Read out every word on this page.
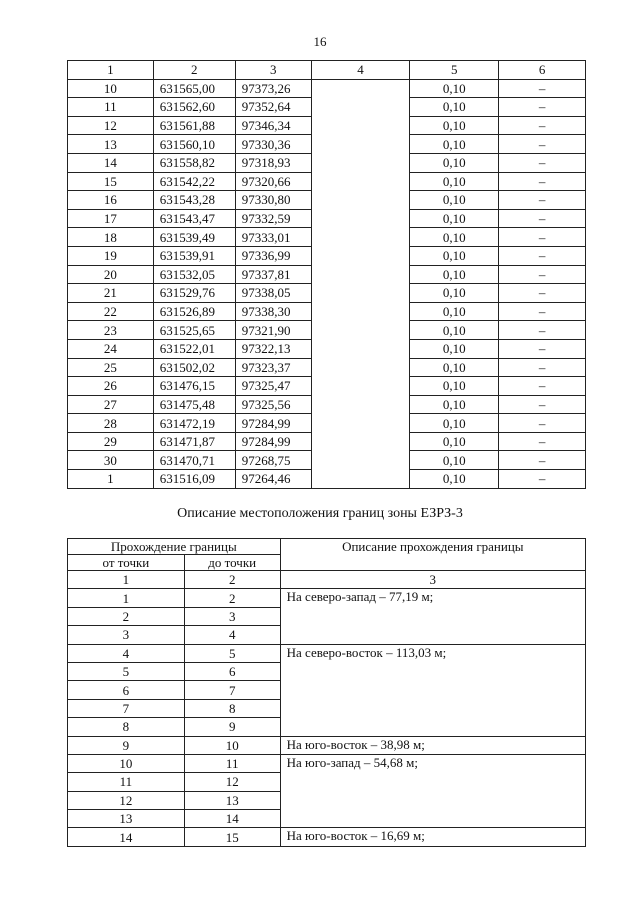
16
1	2	3	4	5	6
10	631565,00	97373,26		0,10	–
11	631562,60	97352,64		0,10	–
12	631561,88	97346,34		0,10	–
13	631560,10	97330,36		0,10	–
14	631558,82	97318,93		0,10	–
15	631542,22	97320,66		0,10	–
16	631543,28	97330,80		0,10	–
17	631543,47	97332,59		0,10	–
18	631539,49	97333,01		0,10	–
19	631539,91	97336,99		0,10	–
20	631532,05	97337,81		0,10	–
21	631529,76	97338,05		0,10	–
22	631526,89	97338,30		0,10	–
23	631525,65	97321,90		0,10	–
24	631522,01	97322,13		0,10	–
25	631502,02	97323,37		0,10	–
26	631476,15	97325,47		0,10	–
27	631475,48	97325,56		0,10	–
28	631472,19	97284,99		0,10	–
29	631471,87	97284,99		0,10	–
30	631470,71	97268,75		0,10	–
1	631516,09	97264,46		0,10	–
Описание местоположения границ зоны ЕЗРЗ-3
Прохождение границы		Описание прохождения границы
от точки	до точки	
1	2	3
1	2	На северо-запад – 77,19 м;
2	3	
3	4	
4	5	На северо-восток – 113,03 м;
5	6	
6	7	
7	8	
8	9	
9	10	На юго-восток – 38,98 м;
10	11	На юго-запад – 54,68 м;
11	12	
12	13	
13	14	
14	15	На юго-восток – 16,69 м;
